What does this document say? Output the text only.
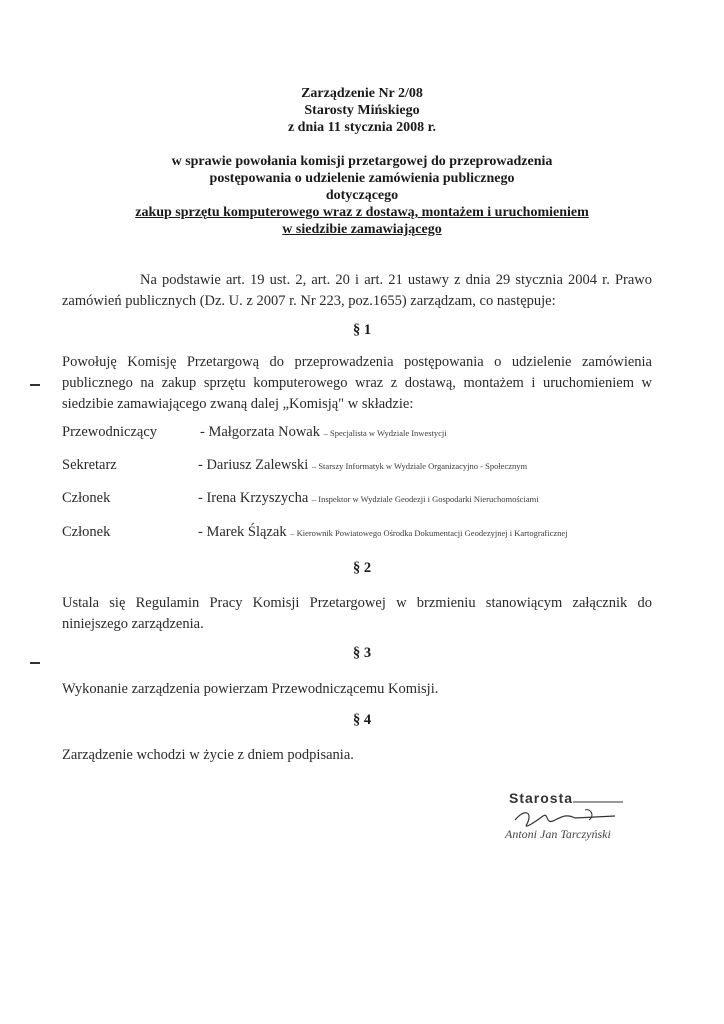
Zarządzenie Nr 2/08
Starosty Mińskiego
z dnia 11 stycznia 2008 r.
w sprawie powołania komisji przetargowej do przeprowadzenia
postępowania o udzielenie zamówienia publicznego
dotyczącego
zakup sprzętu komputerowego wraz z dostawą, montażem i uruchomieniem
w siedzibie zamawiającego
Na podstawie art. 19 ust. 2, art. 20 i art. 21 ustawy z dnia 29 stycznia 2004 r. Prawo zamówień publicznych (Dz. U. z 2007 r. Nr 223, poz.1655) zarządzam, co następuje:
§ 1
Powołuję Komisję Przetargową do przeprowadzenia postępowania o udzielenie zamówienia publicznego na zakup sprzętu komputerowego wraz z dostawą, montażem i uruchomieniem w siedzibie zamawiającego zwaną dalej „Komisją" w składzie:
Przewodniczący	- Małgorzata Nowak – Specjalista w Wydziale Inwestycji
Sekretarz	- Dariusz Zalewski – Starszy Informatyk w Wydziale Organizacyjno - Społecznym
Członek	- Irena Krzyszycha – Inspektor w Wydziale Geodezji i Gospodarki Nieruchomościami
Członek	- Marek Ślązak – Kierownik Powiatowego Ośrodka Dokumentacji Geodezyjnej i Kartograficznej
§ 2
Ustala się Regulamin Pracy Komisji Przetargowej w brzmieniu stanowiącym załącznik do niniejszego zarządzenia.
§ 3
Wykonanie zarządzenia powierzam Przewodniczącemu Komisji.
§ 4
Zarządzenie wchodzi w życie z dniem podpisania.
Starosta
Antoni Jan Tarczyński
